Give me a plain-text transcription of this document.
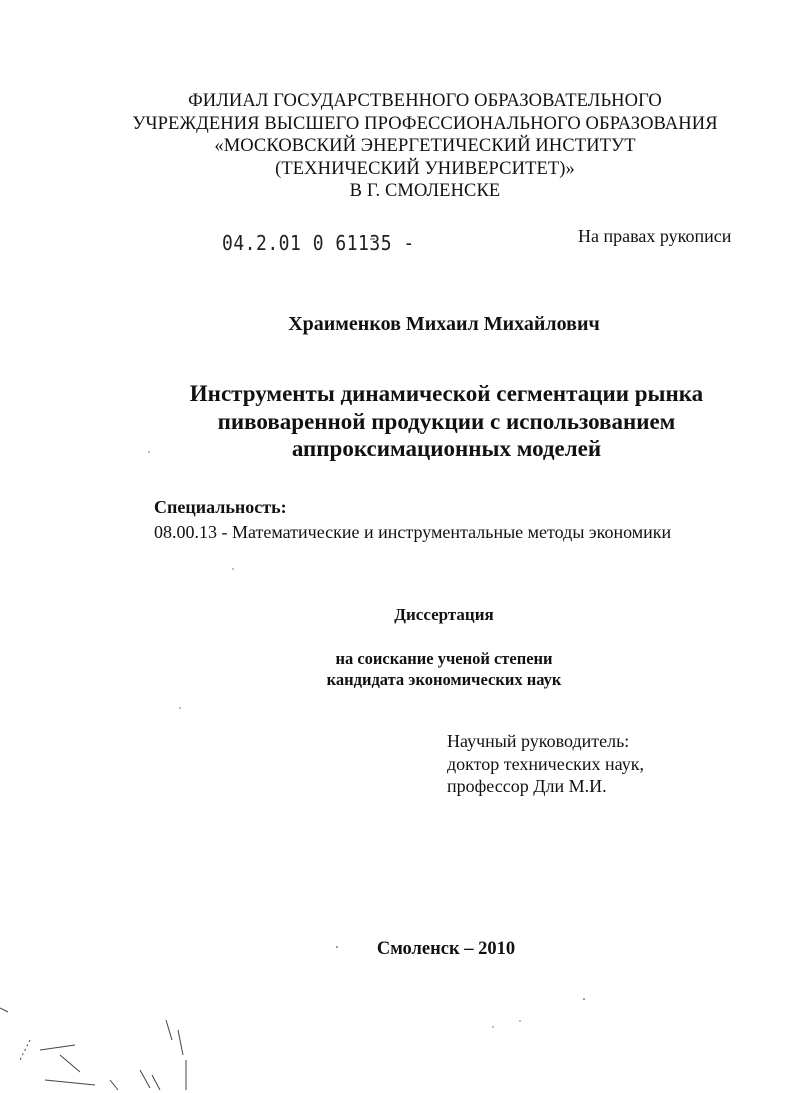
ФИЛИАЛ ГОСУДАРСТВЕННОГО ОБРАЗОВАТЕЛЬНОГО
УЧРЕЖДЕНИЯ ВЫСШЕГО ПРОФЕССИОНАЛЬНОГО ОБРАЗОВАНИЯ
«МОСКОВСКИЙ ЭНЕРГЕТИЧЕСКИЙ ИНСТИТУТ
(ТЕХНИЧЕСКИЙ УНИВЕРСИТЕТ)»
В Г. СМОЛЕНСКЕ
04.2.01 0 61135 -	На правах рукописи
Храименков Михаил Михайлович
Инструменты динамической сегментации рынка
пивоваренной продукции с использованием
аппроксимационных моделей
Специальность:
08.00.13 - Математические и инструментальные методы экономики
Диссертация
на соискание ученой степени
кандидата экономических наук
Научный руководитель:
доктор технических наук,
профессор Дли М.И.
Смоленск – 2010
